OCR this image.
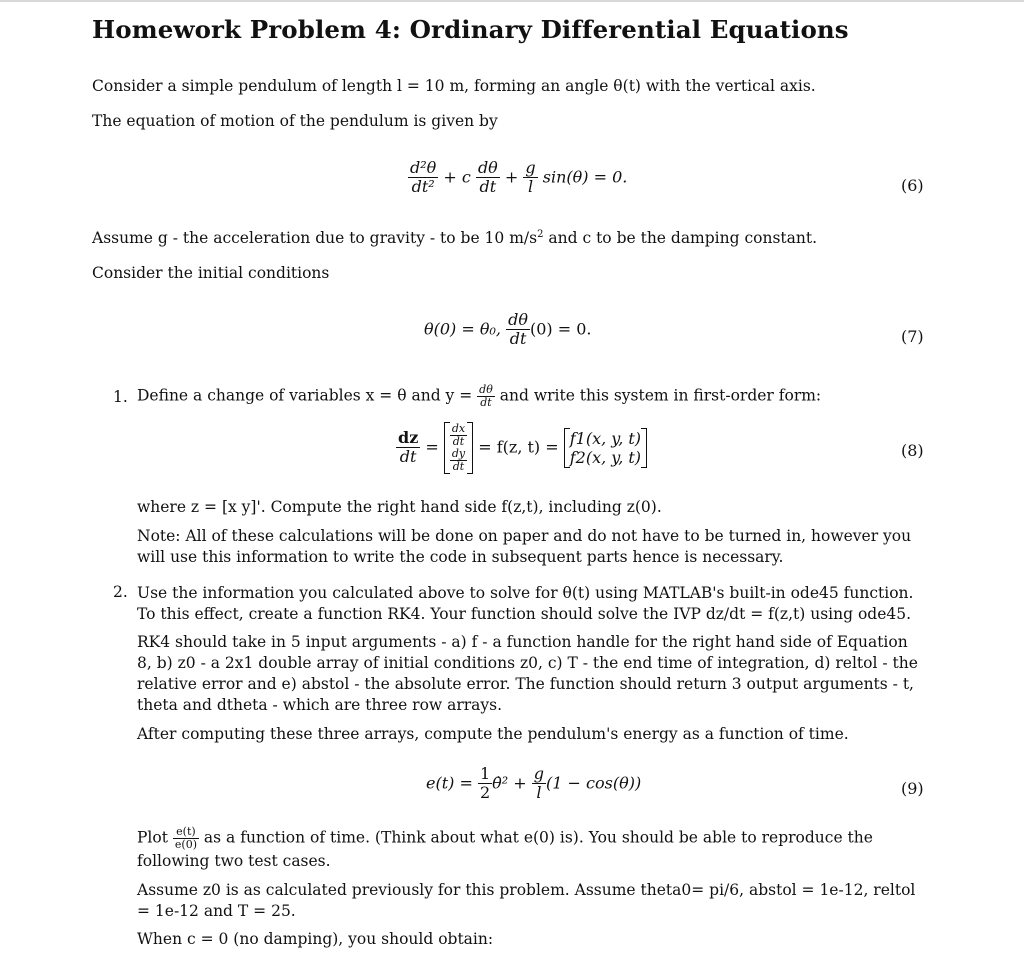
Homework Problem 4: Ordinary Differential Equations
Consider a simple pendulum of length l = 10 m, forming an angle θ(t) with the vertical axis.
The equation of motion of the pendulum is given by
$\frac{\text{d²θ}}{\text{dt²}} + c \frac{d\theta}{dt} + \frac{g}{l} \sin(\theta) = 0$.	(6)
Assume g - the acceleration due to gravity - to be 10 $m/s^2$ and c to be the damping constant.
Consider the initial conditions
θ(0) = θ₀, $\frac{d\theta}{dt} (0) = 0$.	(7)
1. Define a change of variables x = θ and $y = \frac{d\theta}{dt}$ and write this system in first-order form:
$\frac{dz}{dt} = \frac{dx}{dt}$
$\frac{dy}{dt}$
= f(z, t) = f1(x, y, t)
f2(x, y, t)	(8)
where z = [x y]'. Compute the right hand side f(z,t), including z(0).
Note: All of these calculations will be done on paper and do not have to be turned in, however you will use this information to write the code in subsequent parts hence is necessary.
2. Use the information you calculated above to solve for θ(t) using MATLAB's built-in ode45 function. To this effect, create a function RK4. Your function should solve the IVP dz/dt = f(z,t) using ode45.
RK4 should take in 5 input arguments - a) f - a function handle for the right hand side of Equation 8, b) z0 - a 2x1 double array of initial conditions z0, c) T - the end time of integration, d) reltol - the relative error and e) abstol - the absolute error. The function should return 3 output arguments - t, theta and dtheta - which are three row arrays.
After computing these three arrays, compute the pendulum's energy as a function of time.
$e(t) = \frac{1}{2}$ θ̇² + $\frac{g}{l} (1 - \cos(\theta))$	(9)
Plot $\frac{e(t)}{e(0)}$ as a function of time. (Think about what e(0) is). You should be able to reproduce the following two test cases.
Assume z0 is as calculated previously for this problem. Assume theta0= pi/6, abstol = 1e-12, reltol = 1e-12 and T = 25.
When c = 0 (no damping), you should obtain:
